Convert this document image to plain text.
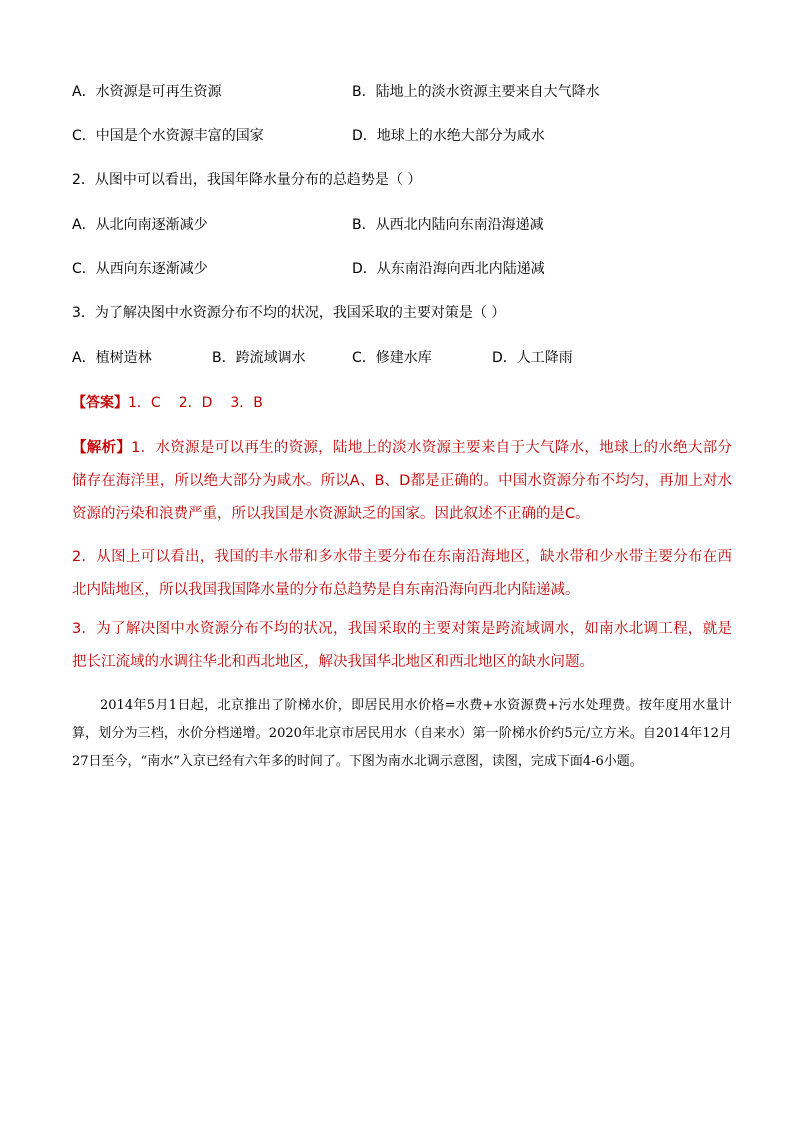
A．水资源是可再生资源	B．陆地上的淡水资源主要来自大气降水
C．中国是个水资源丰富的国家	D．地球上的水绝大部分为咸水
2．从图中可以看出，我国年降水量分布的总趋势是（ ）
A．从北向南逐渐减少	B．从西北内陆向东南沿海递减
C．从西向东逐渐减少	D．从东南沿海向西北内陆递减
3．为了解决图中水资源分布不均的状况，我国采取的主要对策是（ ）
A．植树造林	B．跨流域调水	C．修建水库	D．人工降雨
【答案】1．C 2．D 3．B
【解析】1．水资源是可以再生的资源，陆地上的淡水资源主要来自于大气降水，地球上的水绝大部分储存在海洋里，所以绝大部分为咸水。所以A、B、D都是正确的。中国水资源分布不均匀，再加上对水资源的污染和浪费严重，所以我国是水资源缺乏的国家。因此叙述不正确的是C。
2．从图上可以看出，我国的丰水带和多水带主要分布在东南沿海地区，缺水带和少水带主要分布在西北内陆地区，所以我国我国降水量的分布总趋势是自东南沿海向西北内陆递减。
3．为了解决图中水资源分布不均的状况，我国采取的主要对策是跨流域调水，如南水北调工程，就是把长江流域的水调往华北和西北地区，解决我国华北地区和西北地区的缺水问题。
2014年5月1日起，北京推出了阶梯水价，即居民用水价格=水费+水资源费+污水处理费。按年度用水量计算，划分为三档，水价分档递增。2020年北京市居民用水（自来水）第一阶梯水价约5元/立方米。自2014年12月27日至今，“南水”入京已经有六年多的时间了。下图为南水北调示意图，读图，完成下面4-6小题。
